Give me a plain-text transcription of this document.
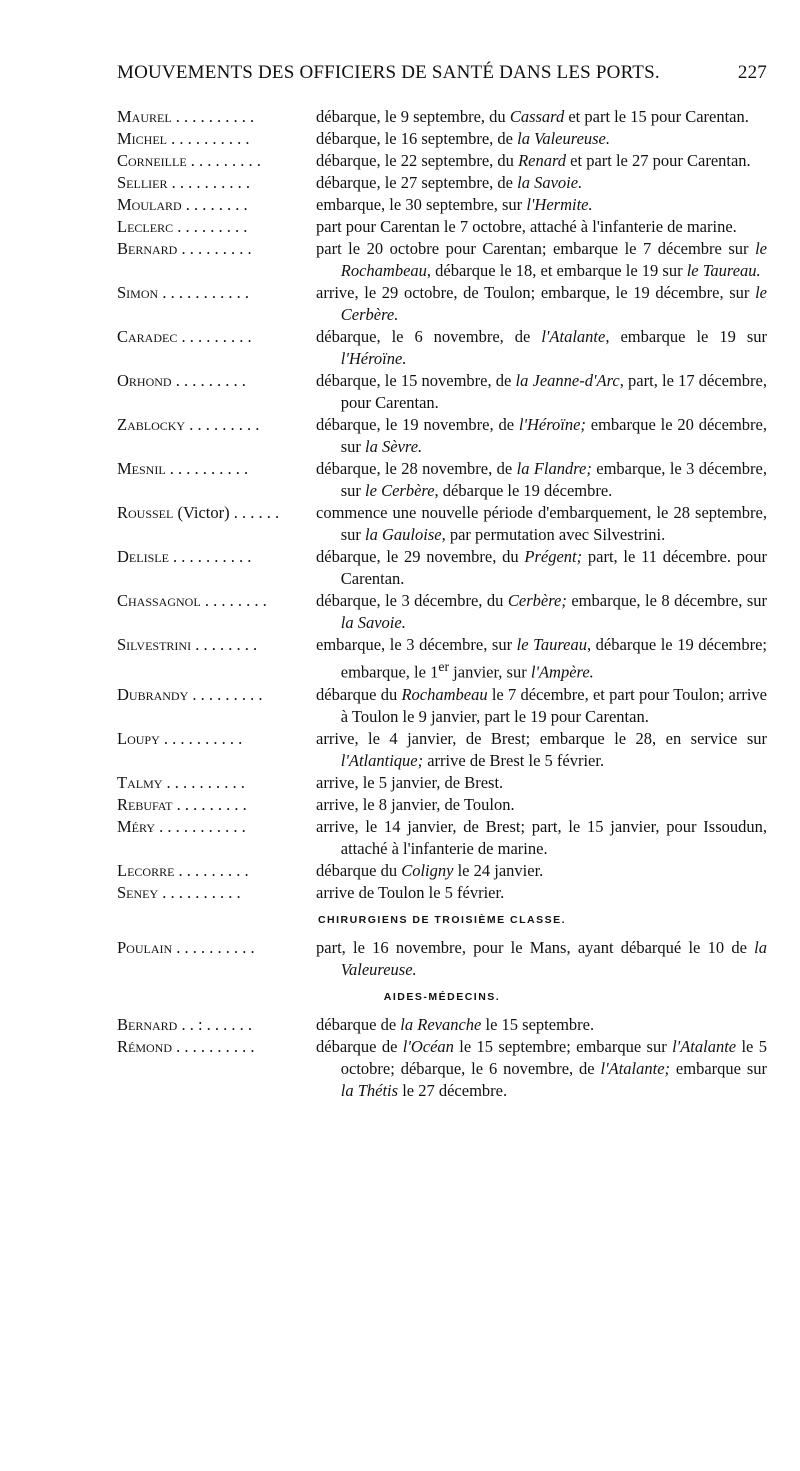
MOUVEMENTS DES OFFICIERS DE SANTÉ DANS LES PORTS.	227
Maurel . . . . . . . . . .	débarque, le 9 septembre, du Cassard et part le 15 pour Carentan.
Michel . . . . . . . . . .	débarque, le 16 septembre, de la Valeureuse.
Corneille . . . . . . . . .	débarque, le 22 septembre, du Renard et part le 27 pour Carentan.
Sellier . . . . . . . . . .	débarque, le 27 septembre, de la Savoie.
Moulard . . . . . . . .	embarque, le 30 septembre, sur l'Hermite.
Leclerc . . . . . . . . .	part pour Carentan le 7 octobre, attaché à l'infanterie de marine.
Bernard . . . . . . . . .	part le 20 octobre pour Carentan; embarque le 7 décembre sur le Rochambeau, débarque le 18, et embarque le 19 sur le Taureau.
Simon . . . . . . . . . . .	arrive, le 29 octobre, de Toulon; embarque, le 19 décembre, sur le Cerbère.
Caradec . . . . . . . . .	débarque, le 6 novembre, de l'Atalante, embarque le 19 sur l'Héroïne.
Orhond . . . . . . . . .	débarque, le 15 novembre, de la Jeanne-d'Arc, part, le 17 décembre, pour Carentan.
Zablocky . . . . . . . . .	débarque, le 19 novembre, de l'Héroïne; embarque le 20 décembre, sur la Sèvre.
Mesnil . . . . . . . . . .	débarque, le 28 novembre, de la Flandre; embarque, le 3 décembre, sur le Cerbère, débarque le 19 décembre.
Roussel (Victor) . . . . . .	commence une nouvelle période d'embarquement, le 28 septembre, sur la Gauloise, par permutation avec Silvestrini.
Delisle . . . . . . . . . .	débarque, le 29 novembre, du Prégent; part, le 11 décembre. pour Carentan.
Chassagnol . . . . . . . .	débarque, le 3 décembre, du Cerbère; embarque, le 8 décembre, sur la Savoie.
Silvestrini . . . . . . . .	embarque, le 3 décembre, sur le Taureau, débarque le 19 décembre; embarque, le 1er janvier, sur l'Ampère.
Dubrandy . . . . . . . . .	débarque du Rochambeau le 7 décembre, et part pour Toulon; arrive à Toulon le 9 janvier, part le 19 pour Carentan.
Loupy . . . . . . . . . .	arrive, le 4 janvier, de Brest; embarque le 28, en service sur l'Atlantique; arrive de Brest le 5 février.
Talmy . . . . . . . . . .	arrive, le 5 janvier, de Brest.
Rebufat . . . . . . . . .	arrive, le 8 janvier, de Toulon.
Méry . . . . . . . . . . .	arrive, le 14 janvier, de Brest; part, le 15 janvier, pour Issoudun, attaché à l'infanterie de marine.
Lecorre . . . . . . . . .	débarque du Coligny le 24 janvier.
Seney . . . . . . . . . .	arrive de Toulon le 5 février.
CHIRURGIENS DE TROISIÈME CLASSE.
Poulain . . . . . . . . . .	part, le 16 novembre, pour le Mans, ayant débarqué le 10 de la Valeureuse.
AIDES-MÉDECINS.
Bernard . . : . . . . . .	débarque de la Revanche le 15 septembre.
Rémond . . . . . . . . . .	débarque de l'Océan le 15 septembre; embarque sur l'Atalante le 5 octobre; débarque, le 6 novembre, de l'Atalante; embarque sur la Thétis le 27 décembre.
